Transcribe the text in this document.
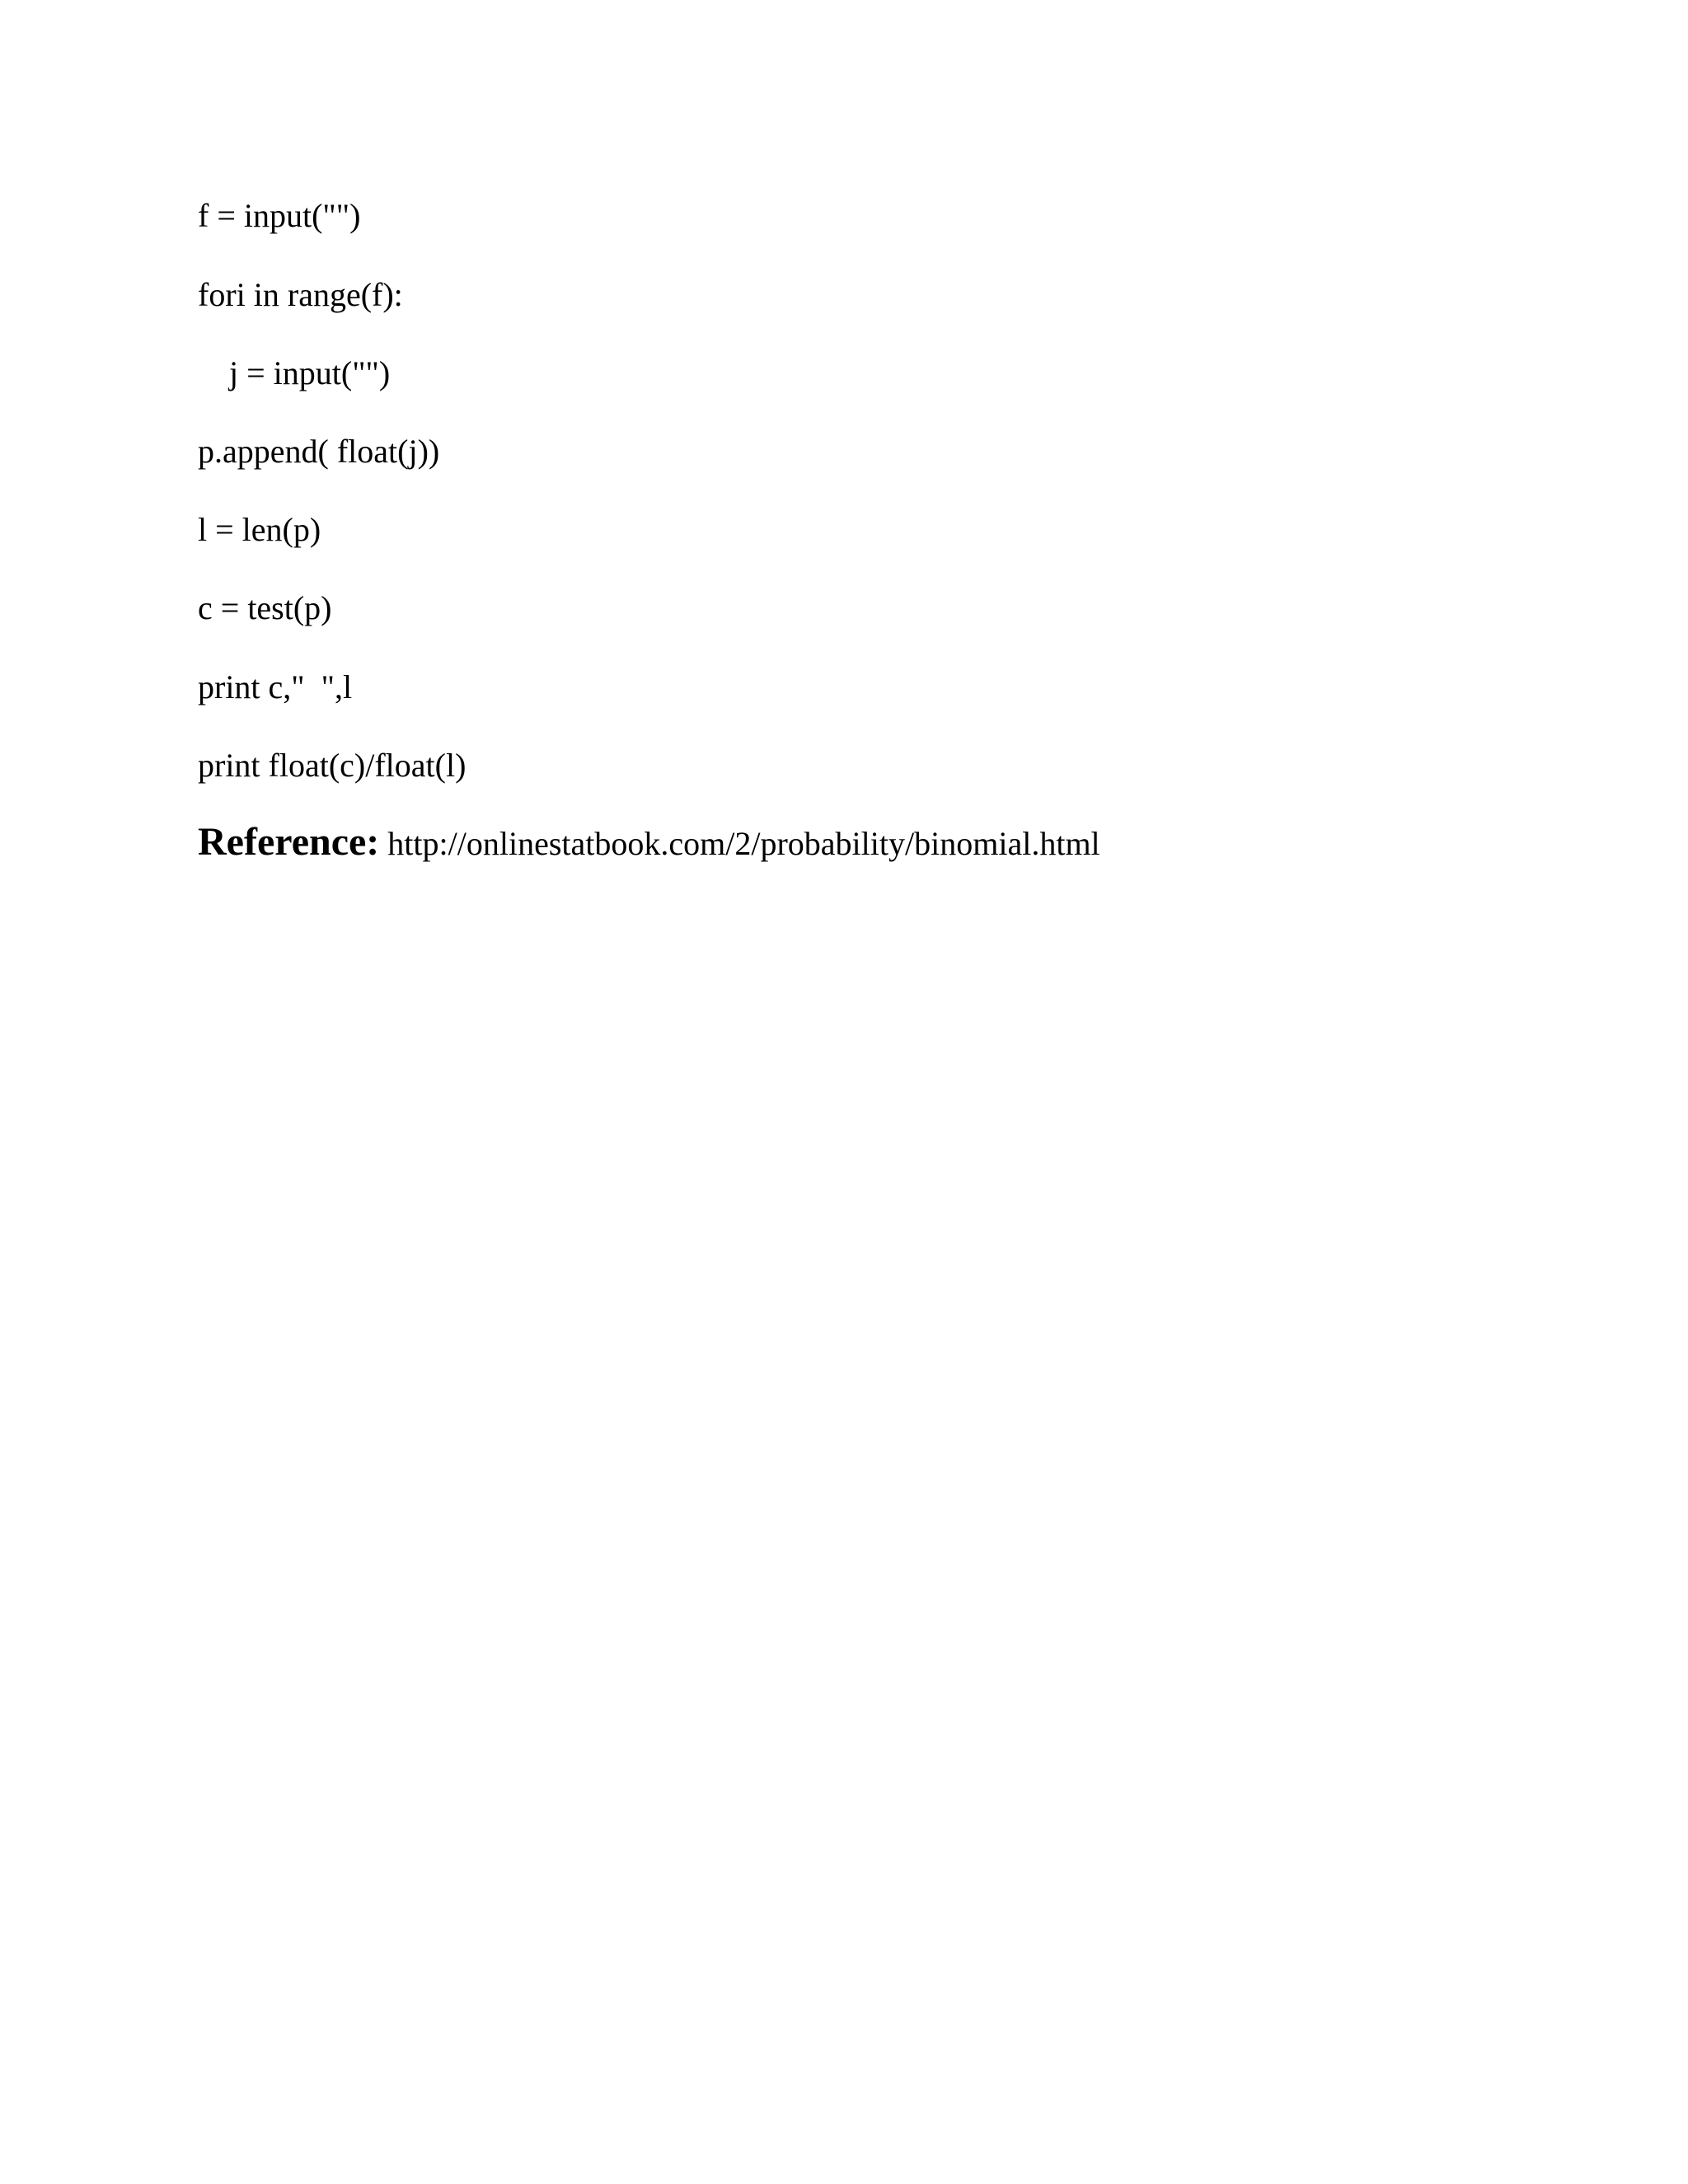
f = input("")

fori in range(f):

j = input("")

p.append( float(j))

l = len(p)

c = test(p)

print c,"  ",l

print float(c)/float(l)

Reference: http://onlinestatbook.com/2/probability/binomial.html
